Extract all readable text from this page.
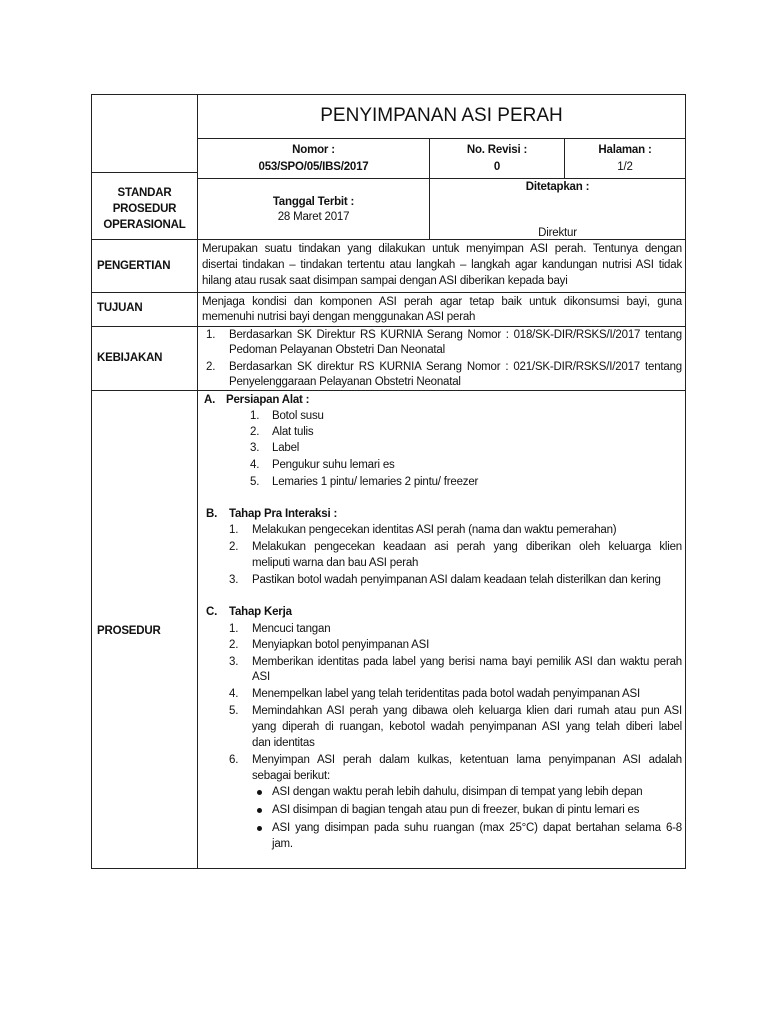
PENYIMPANAN ASI PERAH
Nomor :
053/SPO/05/IBS/2017
No. Revisi :
0
Halaman :
1/2
STANDAR
PROSEDUR
OPERASIONAL
Tanggal Terbit :
28 Maret 2017
Ditetapkan :
Direktur
PENGERTIAN
Merupakan suatu tindakan yang dilakukan untuk menyimpan ASI perah. Tentunya dengan
disertai tindakan – tindakan tertentu atau langkah – langkah agar kandungan nutrisi ASI tidak
hilang atau rusak saat disimpan sampai dengan ASI diberikan kepada bayi
TUJUAN	Menjaga kondisi dan komponen ASI perah agar tetap baik untuk dikonsumsi bayi, guna
memenuhi nutrisi bayi dengan menggunakan ASI perah
KEBIJAKAN
1. Berdasarkan SK Direktur RS KURNIA Serang Nomor : 018/SK-DIR/RSKS/I/2017 tentang
Pedoman Pelayanan Obstetri Dan Neonatal
2. Berdasarkan SK direktur RS KURNIA Serang Nomor : 021/SK-DIR/RSKS/I/2017 tentang
Penyelenggaraan Pelayanan Obstetri Neonatal
PROSEDUR
A. Persiapan Alat :
1. Botol susu
2. Alat tulis
3. Label
4. Pengukur suhu lemari es
5. Lemaries 1 pintu/ lemaries 2 pintu/ freezer
B. Tahap Pra Interaksi :
1. Melakukan pengecekan identitas ASI perah (nama dan waktu pemerahan)
2. Melakukan pengecekan keadaan asi perah yang diberikan oleh keluarga klien
meliputi warna dan bau ASI perah
3. Pastikan botol wadah penyimpanan ASI dalam keadaan telah disterilkan dan kering
C. Tahap Kerja
1. Mencuci tangan
2. Menyiapkan botol penyimpanan ASI
3. Memberikan identitas pada label yang berisi nama bayi pemilik ASI dan waktu perah
ASI
4. Menempelkan label yang telah teridentitas pada botol wadah penyimpanan ASI
5. Memindahkan ASI perah yang dibawa oleh keluarga klien dari rumah atau pun ASI
yang diperah di ruangan, kebotol wadah penyimpanan ASI yang telah diberi label
dan identitas
6. Menyimpan ASI perah dalam kulkas, ketentuan lama penyimpanan ASI adalah
sebagai berikut:
ASI dengan waktu perah lebih dahulu, disimpan di tempat yang lebih depan
ASI disimpan di bagian tengah atau pun di freezer, bukan di pintu lemari es
ASI yang disimpan pada suhu ruangan (max 25°C) dapat bertahan selama 6-8
jam.
